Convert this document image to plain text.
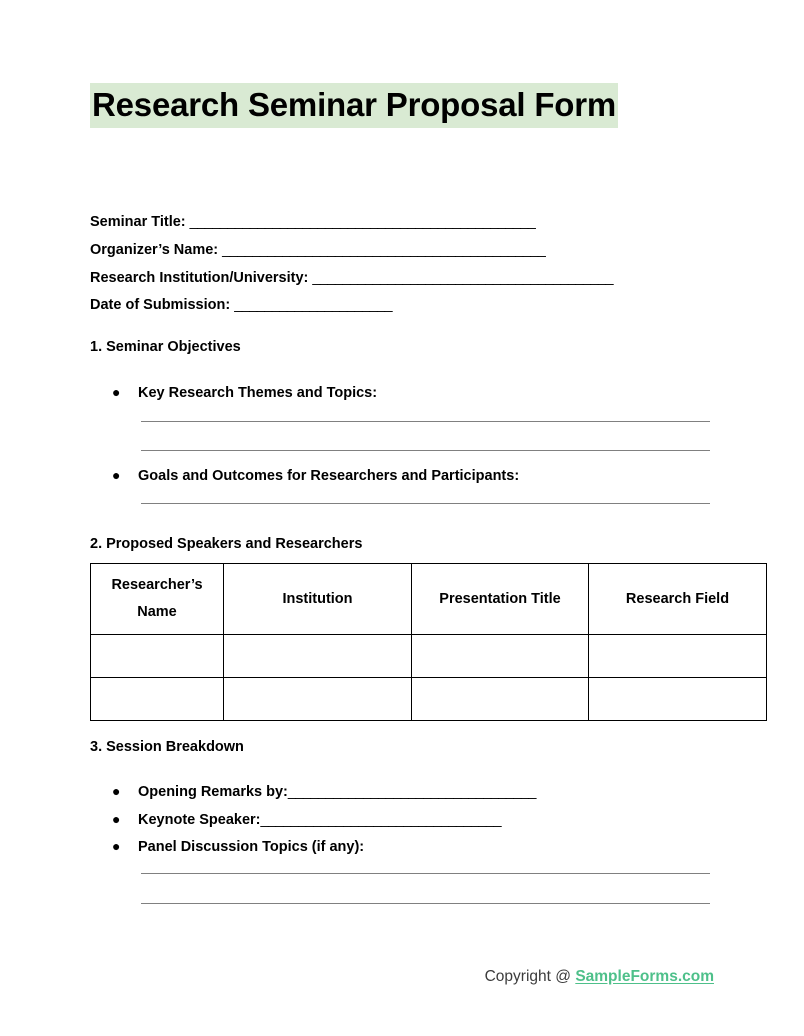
Research Seminar Proposal Form
Seminar Title: ______________________________________________
Organizer’s Name: ___________________________________________
Research Institution/University: ________________________________________
Date of Submission: _____________________
1. Seminar Objectives
● Key Research Themes and Topics:
● Goals and Outcomes for Researchers and Participants:
2. Proposed Speakers and Researchers
Researcher’s Name	Institution	Presentation Title	Research Field

3. Session Breakdown
● Opening Remarks by:_________________________________
● Keynote Speaker:________________________________
● Panel Discussion Topics (if any):
Copyright @ SampleForms.com
